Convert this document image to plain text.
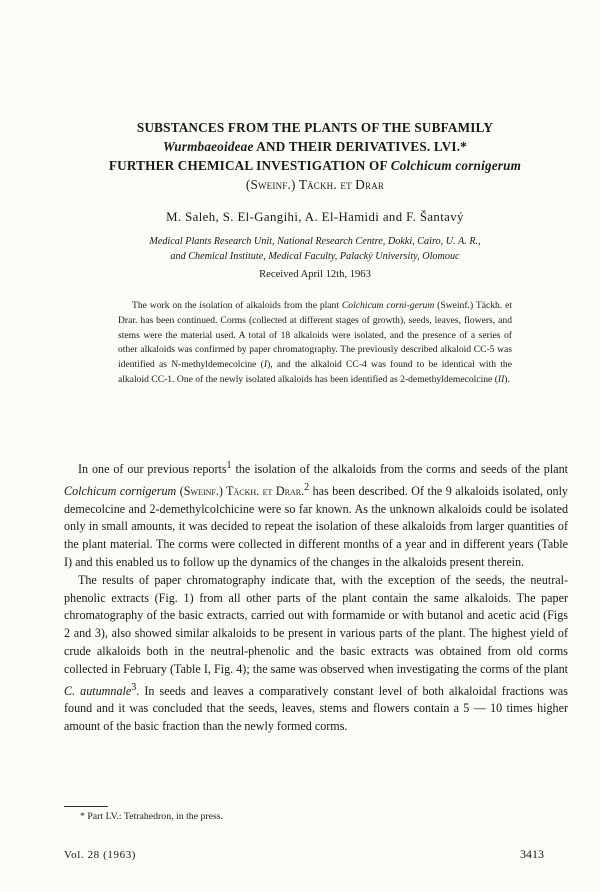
SUBSTANCES FROM THE PLANTS OF THE SUBFAMILY
Wurmbaeoideae AND THEIR DERIVATIVES. LVI.*
FURTHER CHEMICAL INVESTIGATION OF Colchicum cornigerum
(Sweinf.) Täckh. et Drar
M. Saleh, S. El-Gangihi, A. El-Hamidi and F. Šantavý
Medical Plants Research Unit, National Research Centre, Dokki, Cairo, U. A. R.,
and Chemical Institute, Medical Faculty, Palacký University, Olomouc
Received April 12th, 1963
The work on the isolation of alkaloids from the plant Colchicum corni-gerum (Sweinf.) Täckh. et Drar. has been continued. Corms (collected at different stages of growth), seeds, leaves, flowers, and stems were the material used. A total of 18 alkaloids were isolated, and the presence of a series of other alkaloids was confirmed by paper chromatography. The previously described alkaloid CC-5 was identified as N-methyldemecolcine (I), and the alkaloid CC-4 was found to be identical with the alkaloid CC-1. One of the newly isolated alkaloids has been identified as 2-demethyldemecolcine (II).

In one of our previous reports$^1$ the isolation of the alkaloids from the corms and seeds of the plant Colchicum cornigerum (Sweinf.) Täckh. et Drar.$^2$ has been described. Of the 9 alkaloids isolated, only demecolcine and 2-demethylcolchicine were so far known. As the unknown alkaloids could be isolated only in small amounts, it was decided to repeat the isolation of these alkaloids from larger quantities of the plant material. The corms were collected in different months of a year and in different years (Table I) and this enabled us to follow up the dynamics of the changes in the alkaloids present therein.

The results of paper chromatography indicate that, with the exception of the seeds, the neutral-phenolic extracts (Fig. 1) from all other parts of the plant contain the same alkaloids. The paper chromatography of the basic extracts, carried out with formamide or with butanol and acetic acid (Figs 2 and 3), also showed similar alkaloids to be present in various parts of the plant. The highest yield of crude alkaloids both in the neutral-phenolic and the basic extracts was obtained from old corms collected in February (Table I, Fig. 4); the same was observed when investigating the corms of the plant C. autumnale$^3$. In seeds and leaves a comparatively constant level of both alkaloidal fractions was found and it was concluded that the seeds, leaves, stems and flowers contain a 5 — 10 times higher amount of the basic fraction than the newly formed corms.

* Part LV.: Tetrahedron, in the press.
Vol. 28 (1963)	3413
